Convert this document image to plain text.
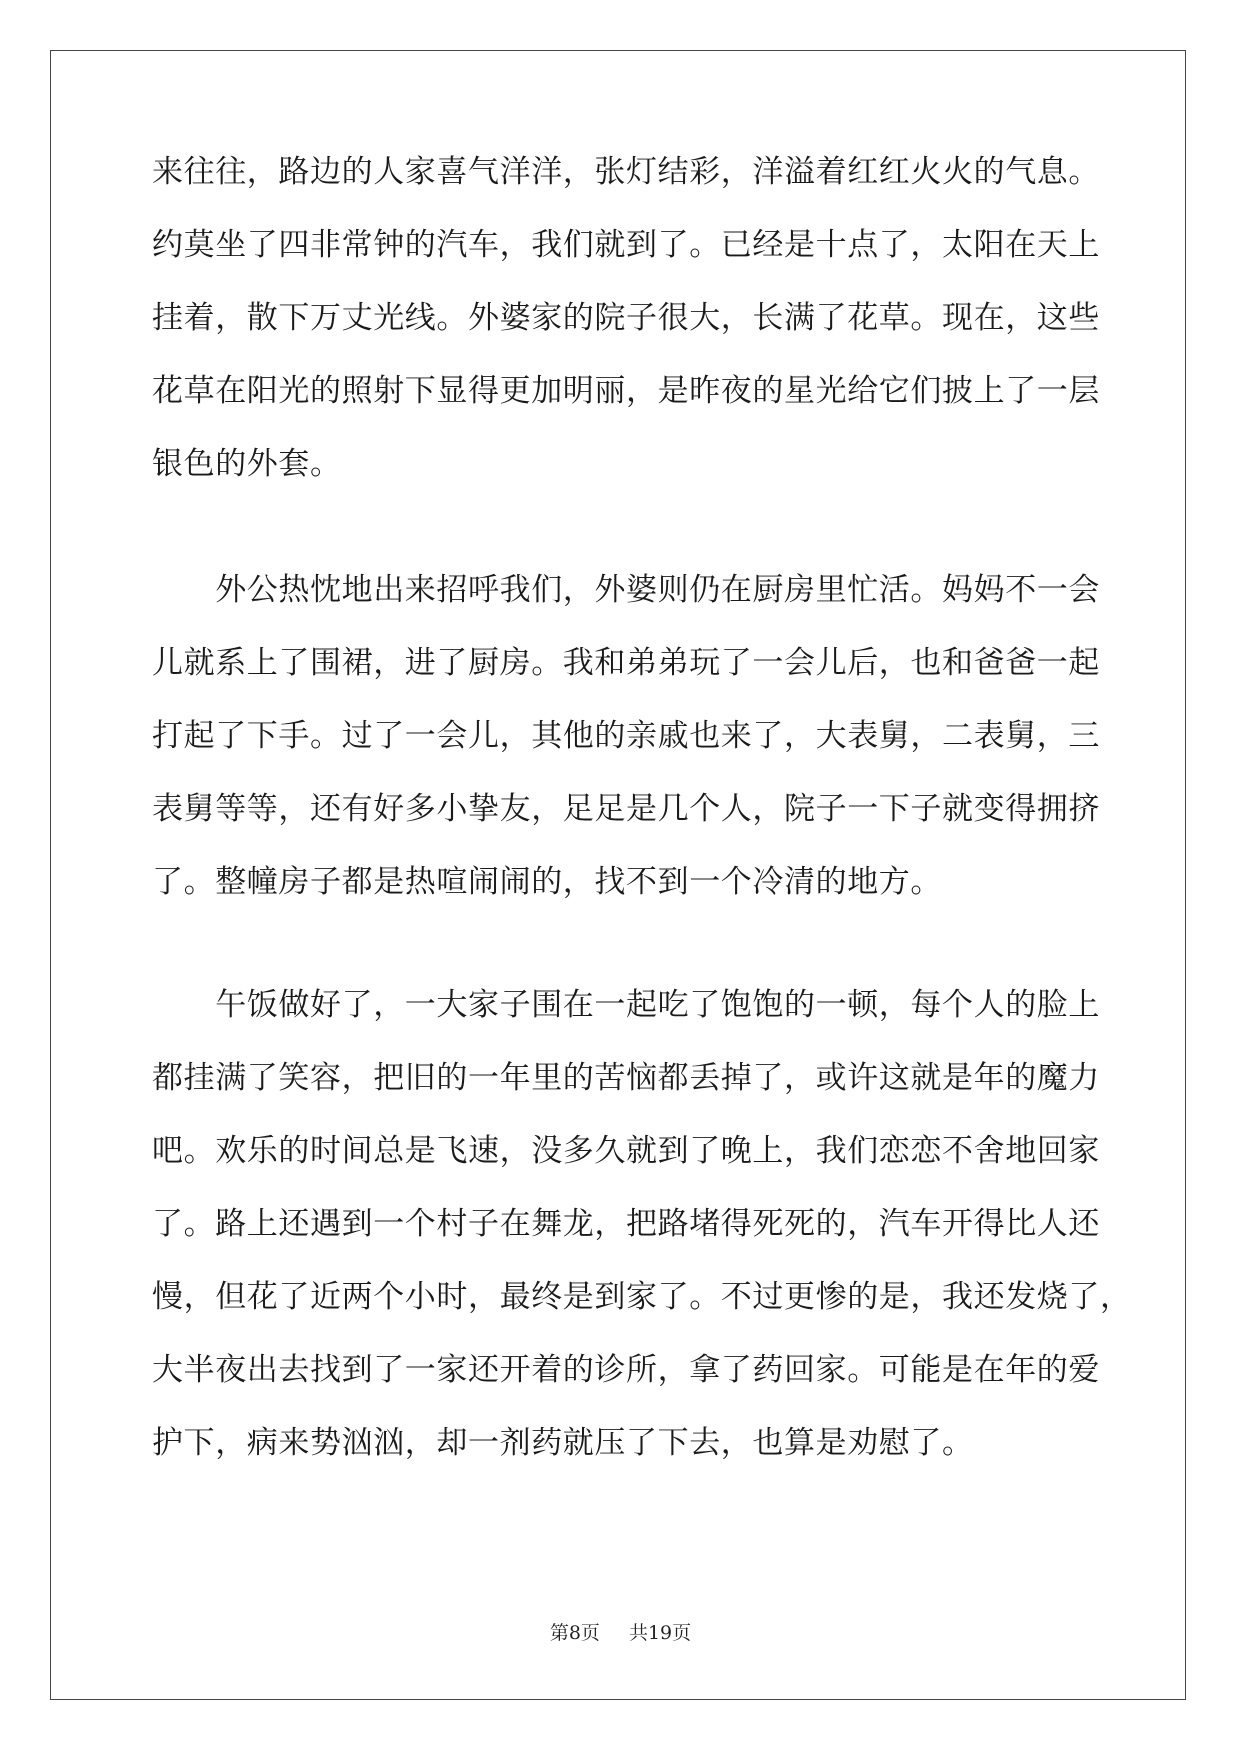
来往往，路边的人家喜气洋洋，张灯结彩，洋溢着红红火火的气息。
约莫坐了四非常钟的汽车，我们就到了。已经是十点了，太阳在天上
挂着，散下万丈光线。外婆家的院子很大，长满了花草。现在，这些
花草在阳光的照射下显得更加明丽，是昨夜的星光给它们披上了一层
银色的外套。
　　外公热忱地出来招呼我们，外婆则仍在厨房里忙活。妈妈不一会
儿就系上了围裙，进了厨房。我和弟弟玩了一会儿后，也和爸爸一起
打起了下手。过了一会儿，其他的亲戚也来了，大表舅，二表舅，三
表舅等等，还有好多小挚友，足足是几个人，院子一下子就变得拥挤
了。整幢房子都是热喧闹闹的，找不到一个冷清的地方。
　　午饭做好了，一大家子围在一起吃了饱饱的一顿，每个人的脸上
都挂满了笑容，把旧的一年里的苦恼都丢掉了，或许这就是年的魔力
吧。欢乐的时间总是飞速，没多久就到了晚上，我们恋恋不舍地回家
了。路上还遇到一个村子在舞龙，把路堵得死死的，汽车开得比人还
慢，但花了近两个小时，最终是到家了。不过更惨的是，我还发烧了，
大半夜出去找到了一家还开着的诊所，拿了药回家。可能是在年的爱
护下，病来势汹汹，却一剂药就压了下去，也算是劝慰了。
第8页 　 共19页
